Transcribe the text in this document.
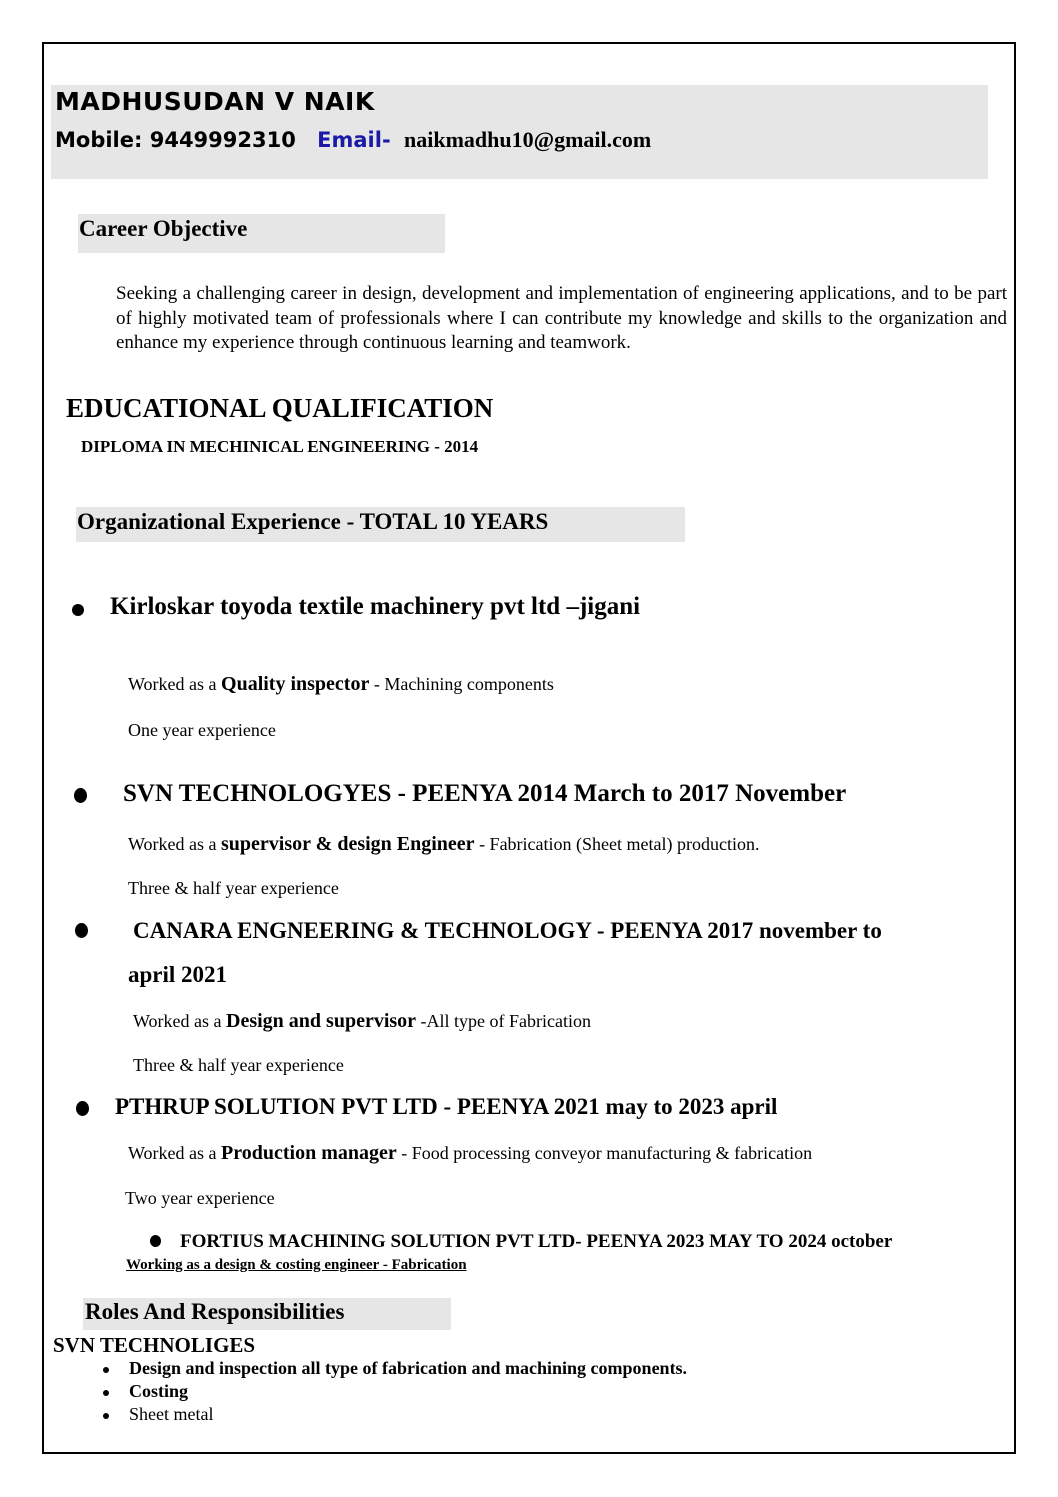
MADHUSUDAN V NAIK
Mobile: 9449992310 Email- naikmadhu10@gmail.com
Career Objective
Seeking a challenging career in design, development and implementation of engineering applications, and to be part of highly motivated team of professionals where I can contribute my knowledge and skills to the organization and enhance my experience through continuous learning and teamwork.
EDUCATIONAL QUALIFICATION
DIPLOMA IN MECHINICAL ENGINEERING - 2014
Organizational Experience - TOTAL 10 YEARS
Kirloskar toyoda textile machinery pvt ltd –jigani
Worked as a Quality inspector - Machining components
One year experience
SVN TECHNOLOGYES - PEENYA 2014 March to 2017 November
Worked as a supervisor & design Engineer - Fabrication (Sheet metal) production.
Three & half year experience
CANARA ENGNEERING & TECHNOLOGY - PEENYA 2017 november to
april 2021
Worked as a Design and supervisor -All type of Fabrication
Three & half year experience
PTHRUP SOLUTION PVT LTD - PEENYA 2021 may to 2023 april
Worked as a Production manager - Food processing conveyor manufacturing & fabrication
Two year experience
FORTIUS MACHINING SOLUTION PVT LTD- PEENYA 2023 MAY TO 2024 october
Working as a design & costing engineer - Fabrication
Roles And Responsibilities
SVN TECHNOLIGES
Design and inspection all type of fabrication and machining components.
Costing
Sheet metal
